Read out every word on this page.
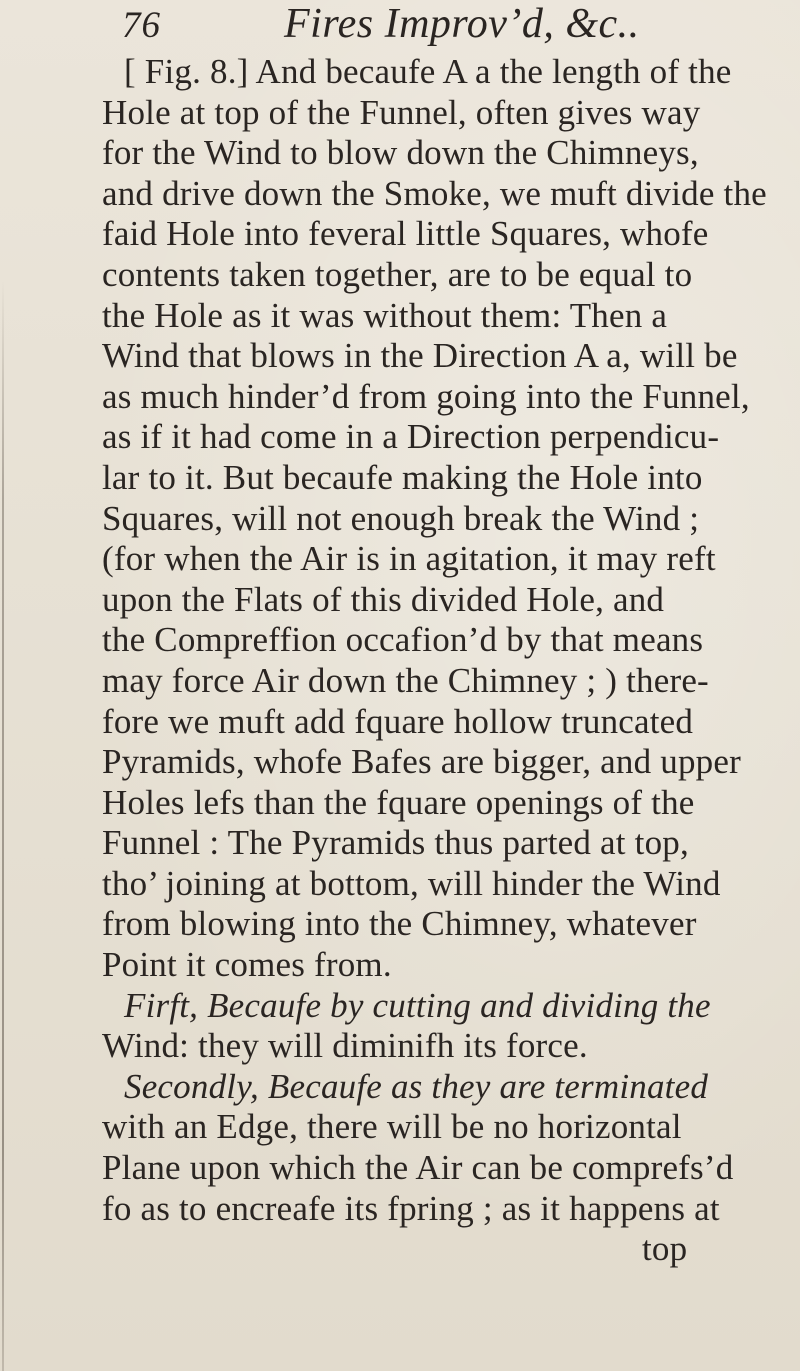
76	Fires Improv’d, &c..
[ Fig. 8.] And becaufe A a the length of the
Hole at top of the Funnel, often gives way
for the Wind to blow down the Chimneys,
and drive down the Smoke, we muft divide the
faid Hole into feveral little Squares, whofe
contents taken together, are to be equal to
the Hole as it was without them: Then a
Wind that blows in the Direction A a, will be
as much hinder’d from going into the Funnel,
as if it had come in a Direction perpendicu-
lar to it. But becaufe making the Hole into
Squares, will not enough break the Wind ;
(for when the Air is in agitation, it may reft
upon the Flats of this divided Hole, and
the Compreffion occafion’d by that means
may force Air down the Chimney ; ) there-
fore we muft add fquare hollow truncated
Pyramids, whofe Bafes are bigger, and upper
Holes lefs than the fquare openings of the
Funnel : The Pyramids thus parted at top,
tho’ joining at bottom, will hinder the Wind
from blowing into the Chimney, whatever
Point it comes from.
Firft, Becaufe by cutting and dividing the
Wind: they will diminifh its force.
Secondly, Becaufe as they are terminated
with an Edge, there will be no horizontal
Plane upon which the Air can be comprefs’d
fo as to encreafe its fpring ; as it happens at
top
